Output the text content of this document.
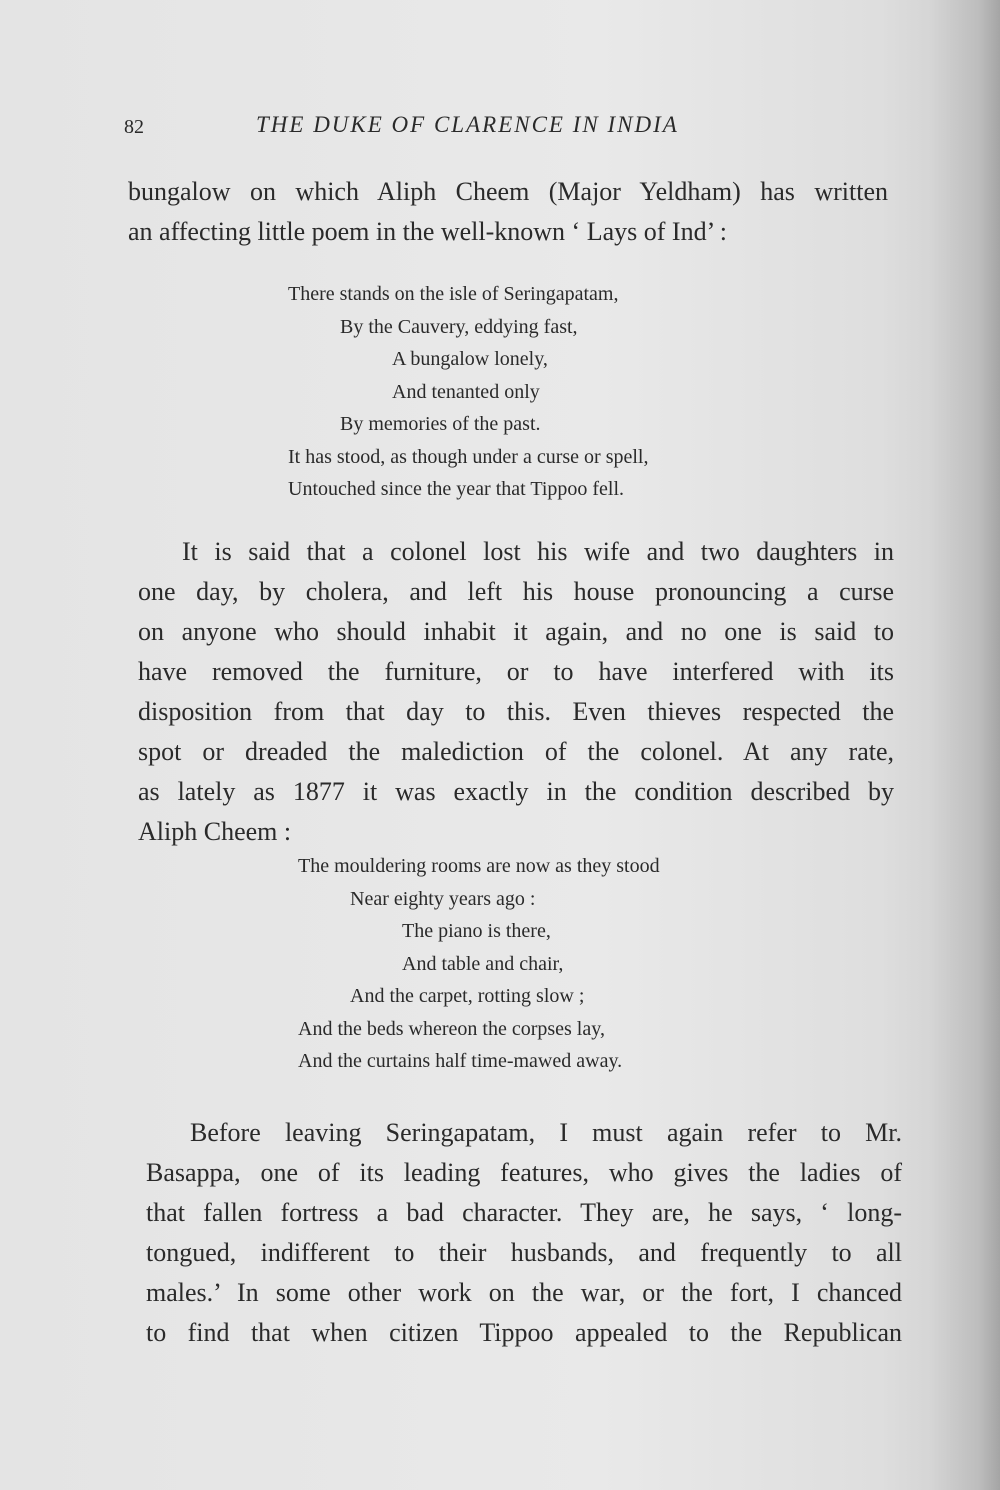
82	THE DUKE OF CLARENCE IN INDIA
bungalow on which Aliph Cheem (Major Yeldham) has written
an affecting little poem in the well-known ‘ Lays of Ind’ :
There stands on the isle of Seringapatam,
By the Cauvery, eddying fast,
A bungalow lonely,
And tenanted only
By memories of the past.
It has stood, as though under a curse or spell,
Untouched since the year that Tippoo fell.
It is said that a colonel lost his wife and two daughters in
one day, by cholera, and left his house pronouncing a curse
on anyone who should inhabit it again, and no one is said to
have removed the furniture, or to have interfered with its
disposition from that day to this. Even thieves respected the
spot or dreaded the malediction of the colonel. At any rate,
as lately as 1877 it was exactly in the condition described by
Aliph Cheem :
The mouldering rooms are now as they stood
Near eighty years ago :
The piano is there,
And table and chair,
And the carpet, rotting slow ;
And the beds whereon the corpses lay,
And the curtains half time-mawed away.
Before leaving Seringapatam, I must again refer to Mr.
Basappa, one of its leading features, who gives the ladies of
that fallen fortress a bad character. They are, he says, ‘ long-
tongued, indifferent to their husbands, and frequently to all
males.’ In some other work on the war, or the fort, I chanced
to find that when citizen Tippoo appealed to the Republican
